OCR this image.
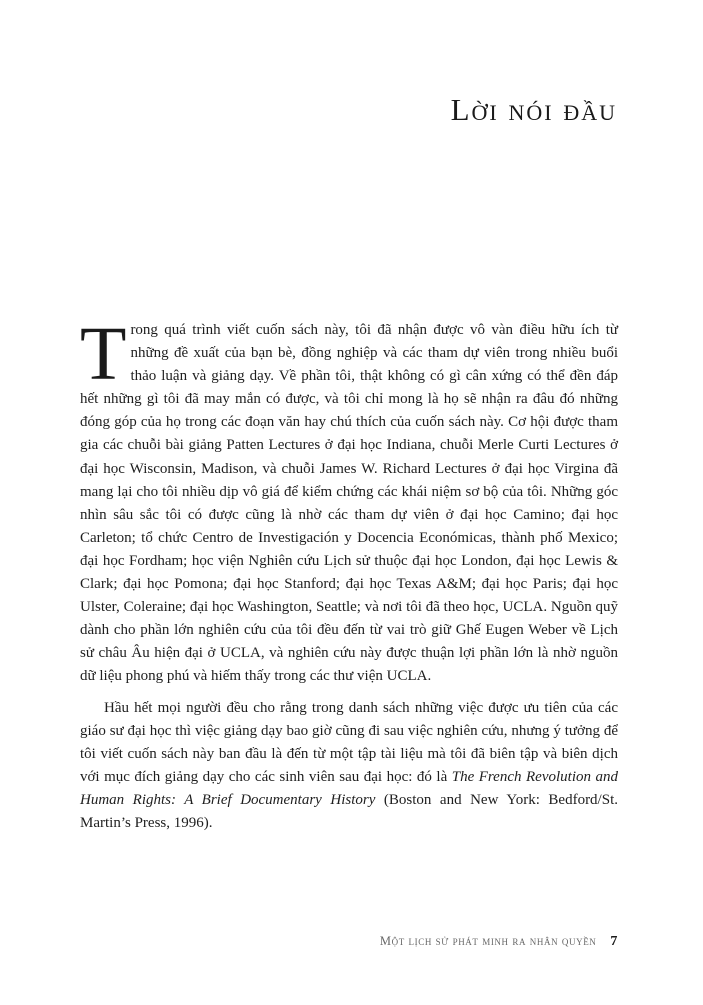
Lời nói đầu

Trong quá trình viết cuốn sách này, tôi đã nhận được vô vàn điều hữu ích từ những đề xuất của bạn bè, đồng nghiệp và các tham dự viên trong nhiều buổi thảo luận và giảng dạy. Về phần tôi, thật không có gì cân xứng có thể đền đáp hết những gì tôi đã may mắn có được, và tôi chỉ mong là họ sẽ nhận ra đâu đó những đóng góp của họ trong các đoạn văn hay chú thích của cuốn sách này. Cơ hội được tham gia các chuỗi bài giảng Patten Lectures ở đại học Indiana, chuỗi Merle Curti Lectures ở đại học Wisconsin, Madison, và chuỗi James W. Richard Lectures ở đại học Virgina đã mang lại cho tôi nhiều dịp vô giá để kiểm chứng các khái niệm sơ bộ của tôi. Những góc nhìn sâu sắc tôi có được cũng là nhờ các tham dự viên ở đại học Camino; đại học Carleton; tổ chức Centro de Investigación y Docencia Económicas, thành phố Mexico; đại học Fordham; học viện Nghiên cứu Lịch sử thuộc đại học London, đại học Lewis & Clark; đại học Pomona; đại học Stanford; đại học Texas A&M; đại học Paris; đại học Ulster, Coleraine; đại học Washington, Seattle; và nơi tôi đã theo học, UCLA. Nguồn quỹ dành cho phần lớn nghiên cứu của tôi đều đến từ vai trò giữ Ghế Eugen Weber về Lịch sử châu Âu hiện đại ở UCLA, và nghiên cứu này được thuận lợi phần lớn là nhờ nguồn dữ liệu phong phú và hiếm thấy trong các thư viện UCLA.

Hầu hết mọi người đều cho rằng trong danh sách những việc được ưu tiên của các giáo sư đại học thì việc giảng dạy bao giờ cũng đi sau việc nghiên cứu, nhưng ý tưởng để tôi viết cuốn sách này ban đầu là đến từ một tập tài liệu mà tôi đã biên tập và biên dịch với mục đích giảng dạy cho các sinh viên sau đại học: đó là The French Revolution and Human Rights: A Brief Documentary History (Boston and New York: Bedford/St. Martin’s Press, 1996).

Một lịch sử phát minh ra nhân quyền 7
